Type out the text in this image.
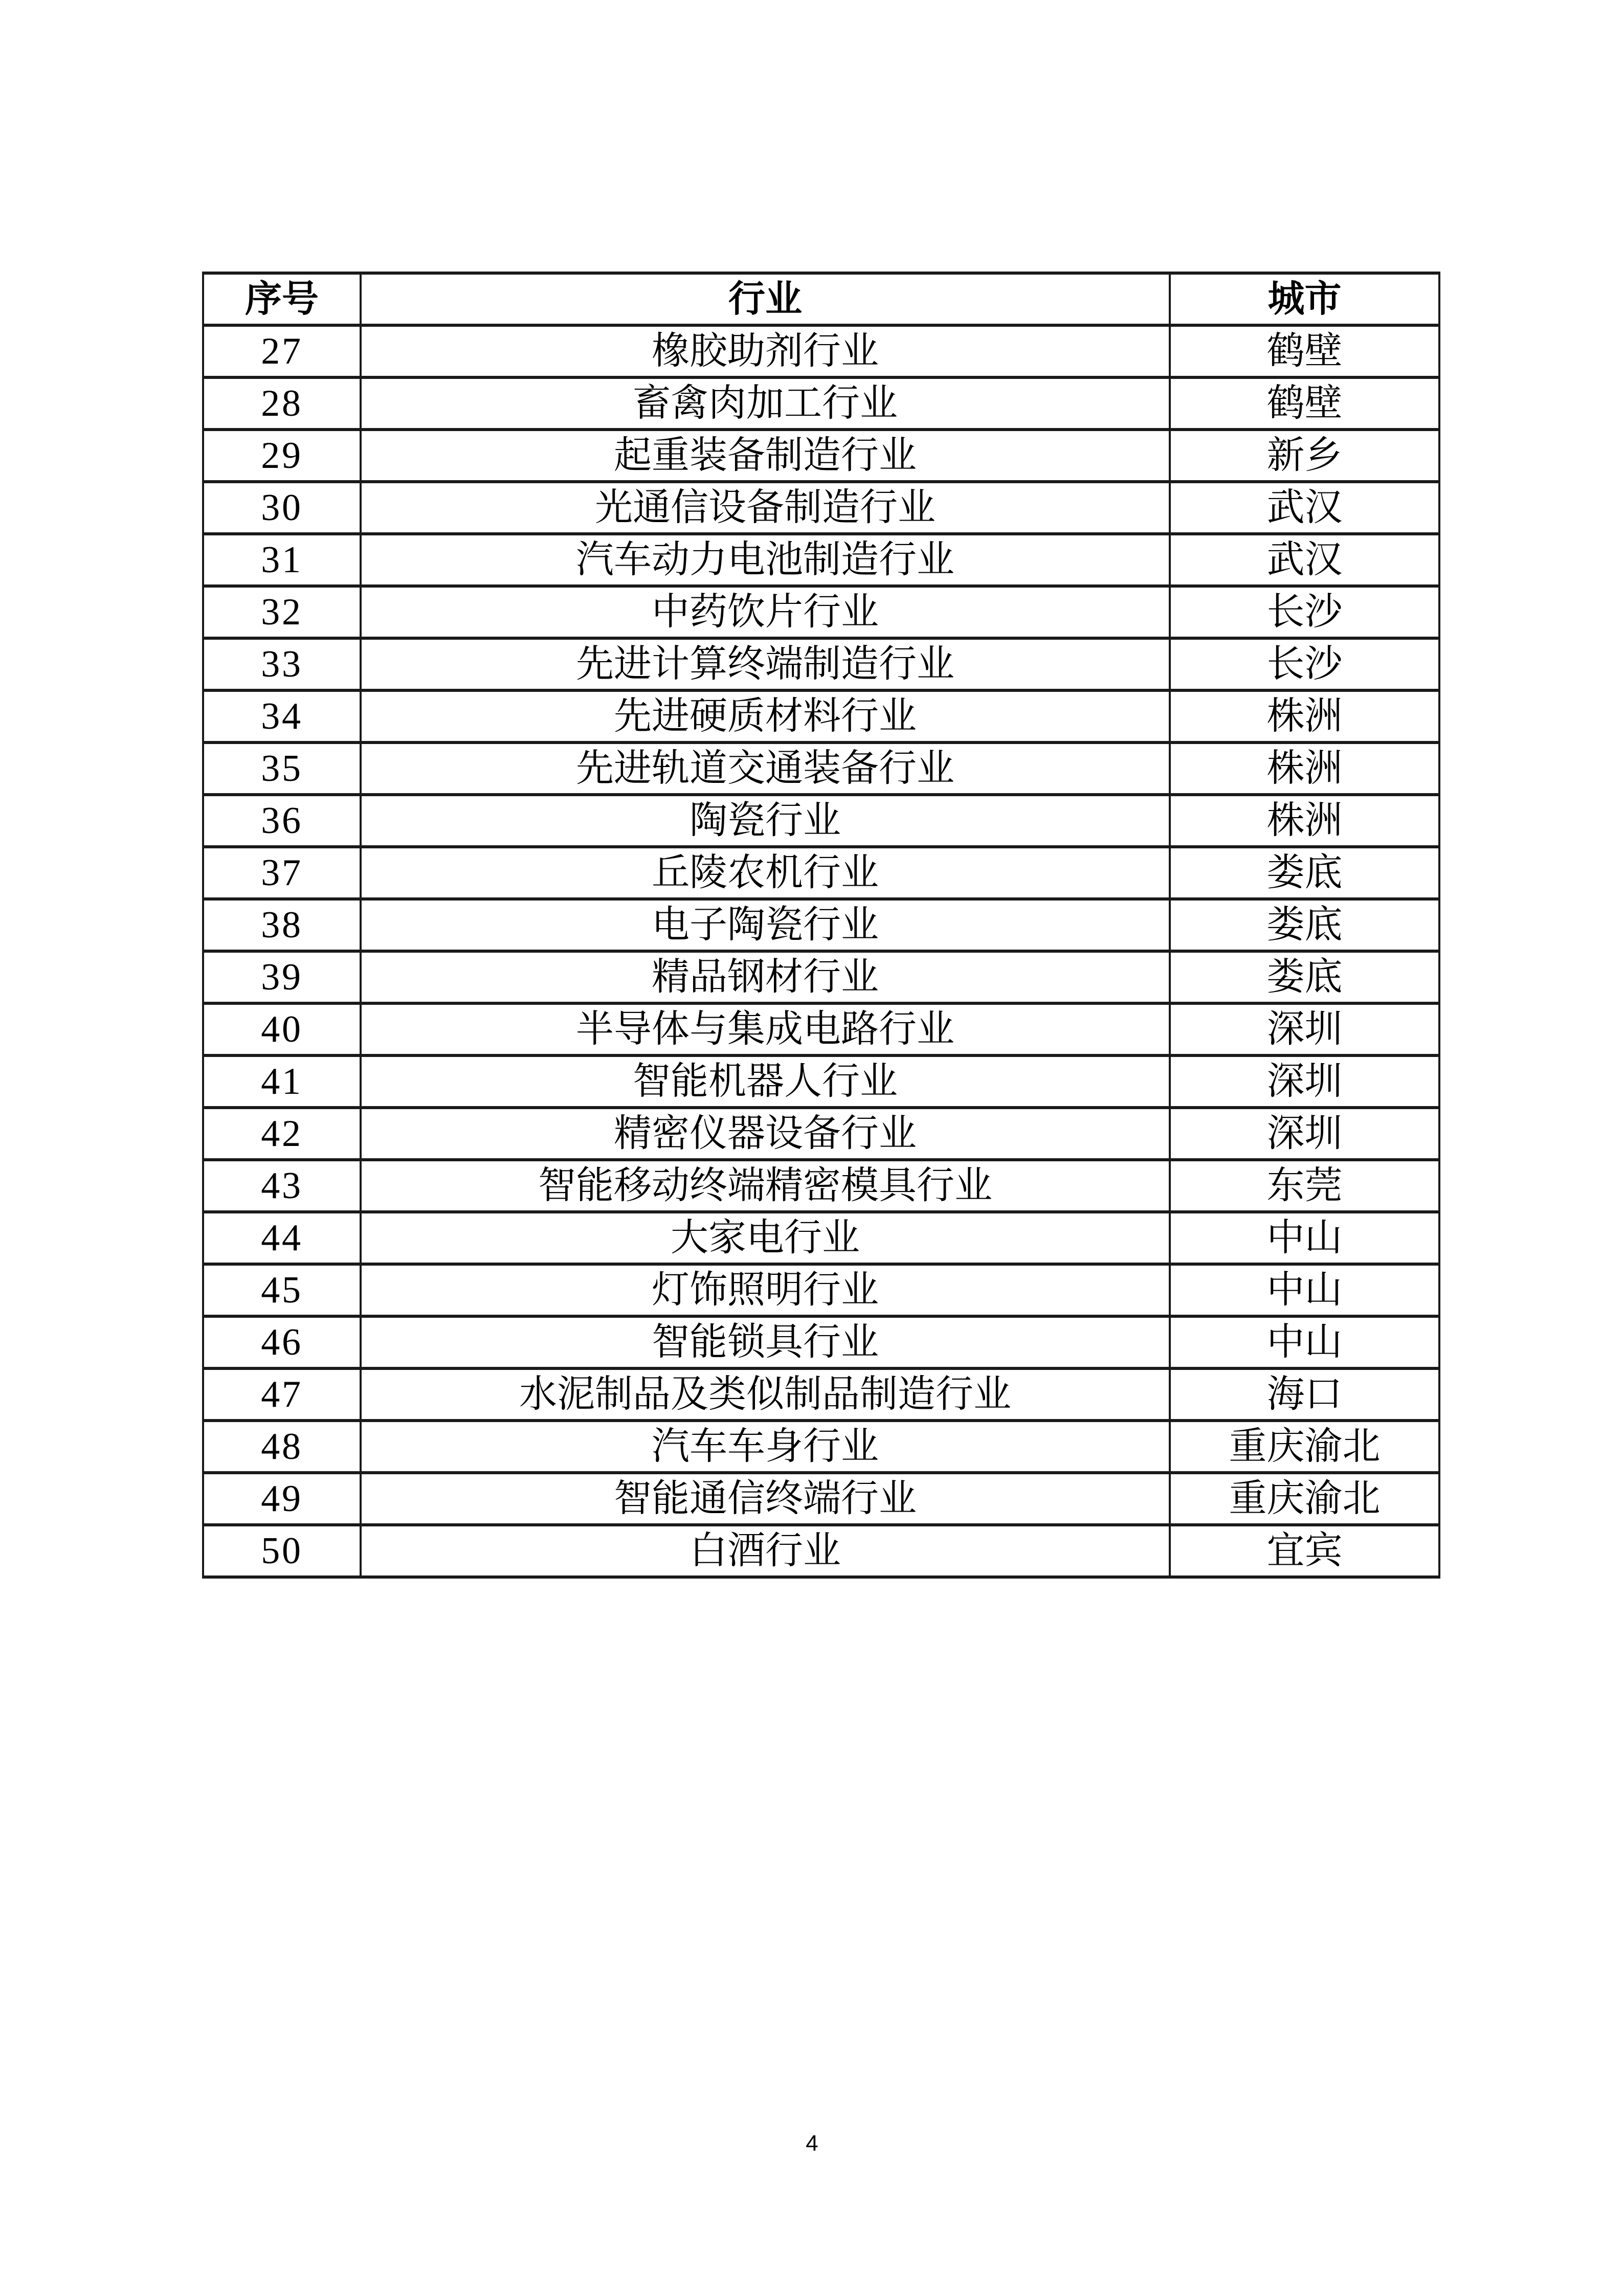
序号	行业	城市
27	橡胶助剂行业	鹤壁
28	畜禽肉加工行业	鹤壁
29	起重装备制造行业	新乡
30	光通信设备制造行业	武汉
31	汽车动力电池制造行业	武汉
32	中药饮片行业	长沙
33	先进计算终端制造行业	长沙
34	先进硬质材料行业	株洲
35	先进轨道交通装备行业	株洲
36	陶瓷行业	株洲
37	丘陵农机行业	娄底
38	电子陶瓷行业	娄底
39	精品钢材行业	娄底
40	半导体与集成电路行业	深圳
41	智能机器人行业	深圳
42	精密仪器设备行业	深圳
43	智能移动终端精密模具行业	东莞
44	大家电行业	中山
45	灯饰照明行业	中山
46	智能锁具行业	中山
47	水泥制品及类似制品制造行业	海口
48	汽车车身行业	重庆渝北
49	智能通信终端行业	重庆渝北
50	白酒行业	宜宾
4
